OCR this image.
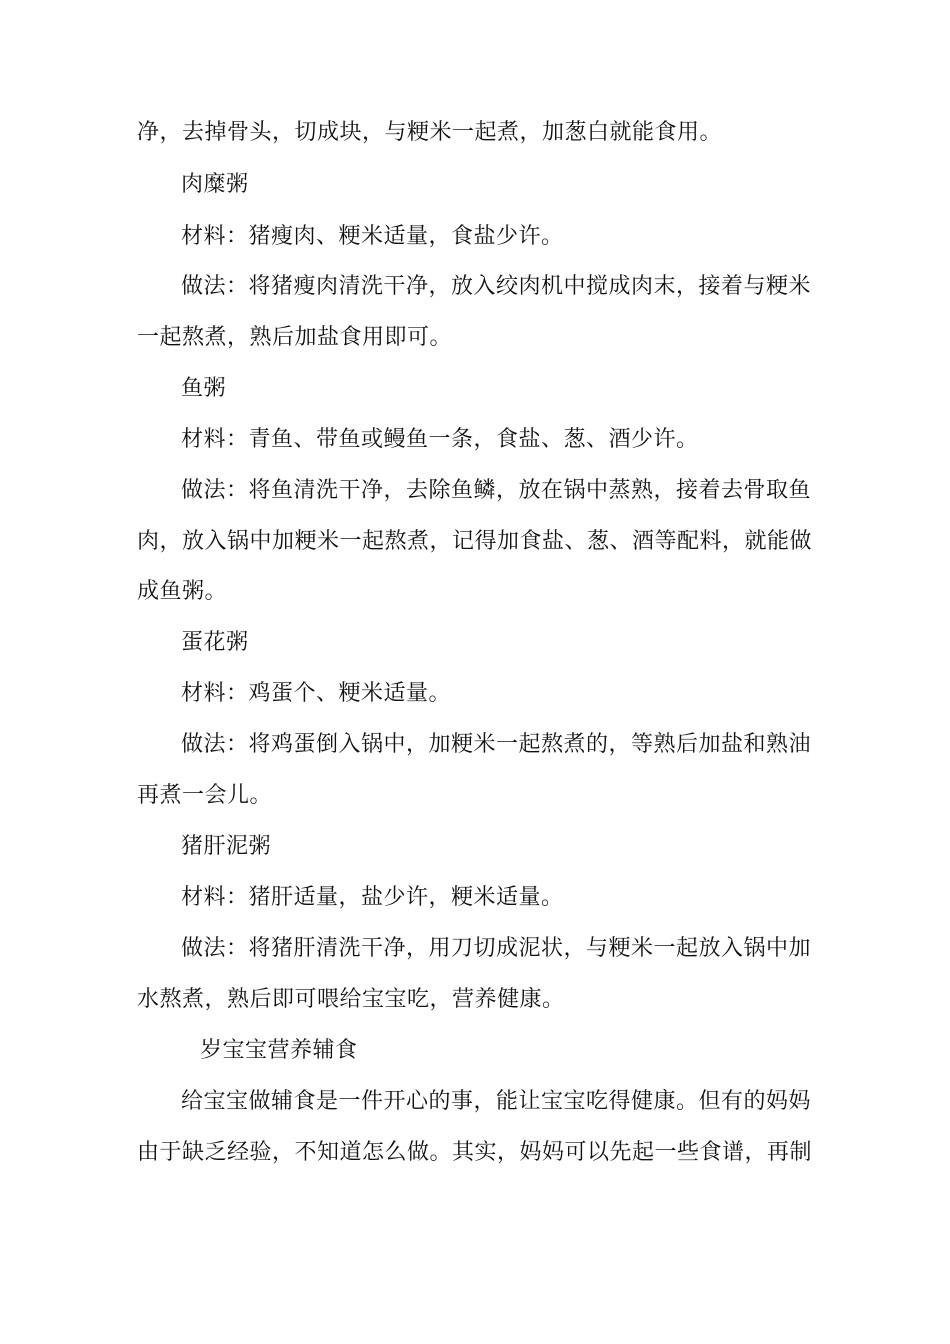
净，去掉骨头，切成块，与粳米一起煮，加葱白就能食用。
肉糜粥
材料：猪瘦肉、粳米适量，食盐少许。
做法：将猪瘦肉清洗干净，放入绞肉机中搅成肉末，接着与粳米
一起熬煮，熟后加盐食用即可。
鱼粥
材料：青鱼、带鱼或鳗鱼一条，食盐、葱、酒少许。
做法：将鱼清洗干净，去除鱼鳞，放在锅中蒸熟，接着去骨取鱼
肉，放入锅中加粳米一起熬煮，记得加食盐、葱、酒等配料，就能做
成鱼粥。
蛋花粥
材料：鸡蛋个、粳米适量。
做法：将鸡蛋倒入锅中，加粳米一起熬煮的，等熟后加盐和熟油
再煮一会儿。
猪肝泥粥
材料：猪肝适量，盐少许，粳米适量。
做法：将猪肝清洗干净，用刀切成泥状，与粳米一起放入锅中加
水熬煮，熟后即可喂给宝宝吃，营养健康。
岁宝宝营养辅食
给宝宝做辅食是一件开心的事，能让宝宝吃得健康。但有的妈妈
由于缺乏经验，不知道怎么做。其实，妈妈可以先起一些食谱，再制
